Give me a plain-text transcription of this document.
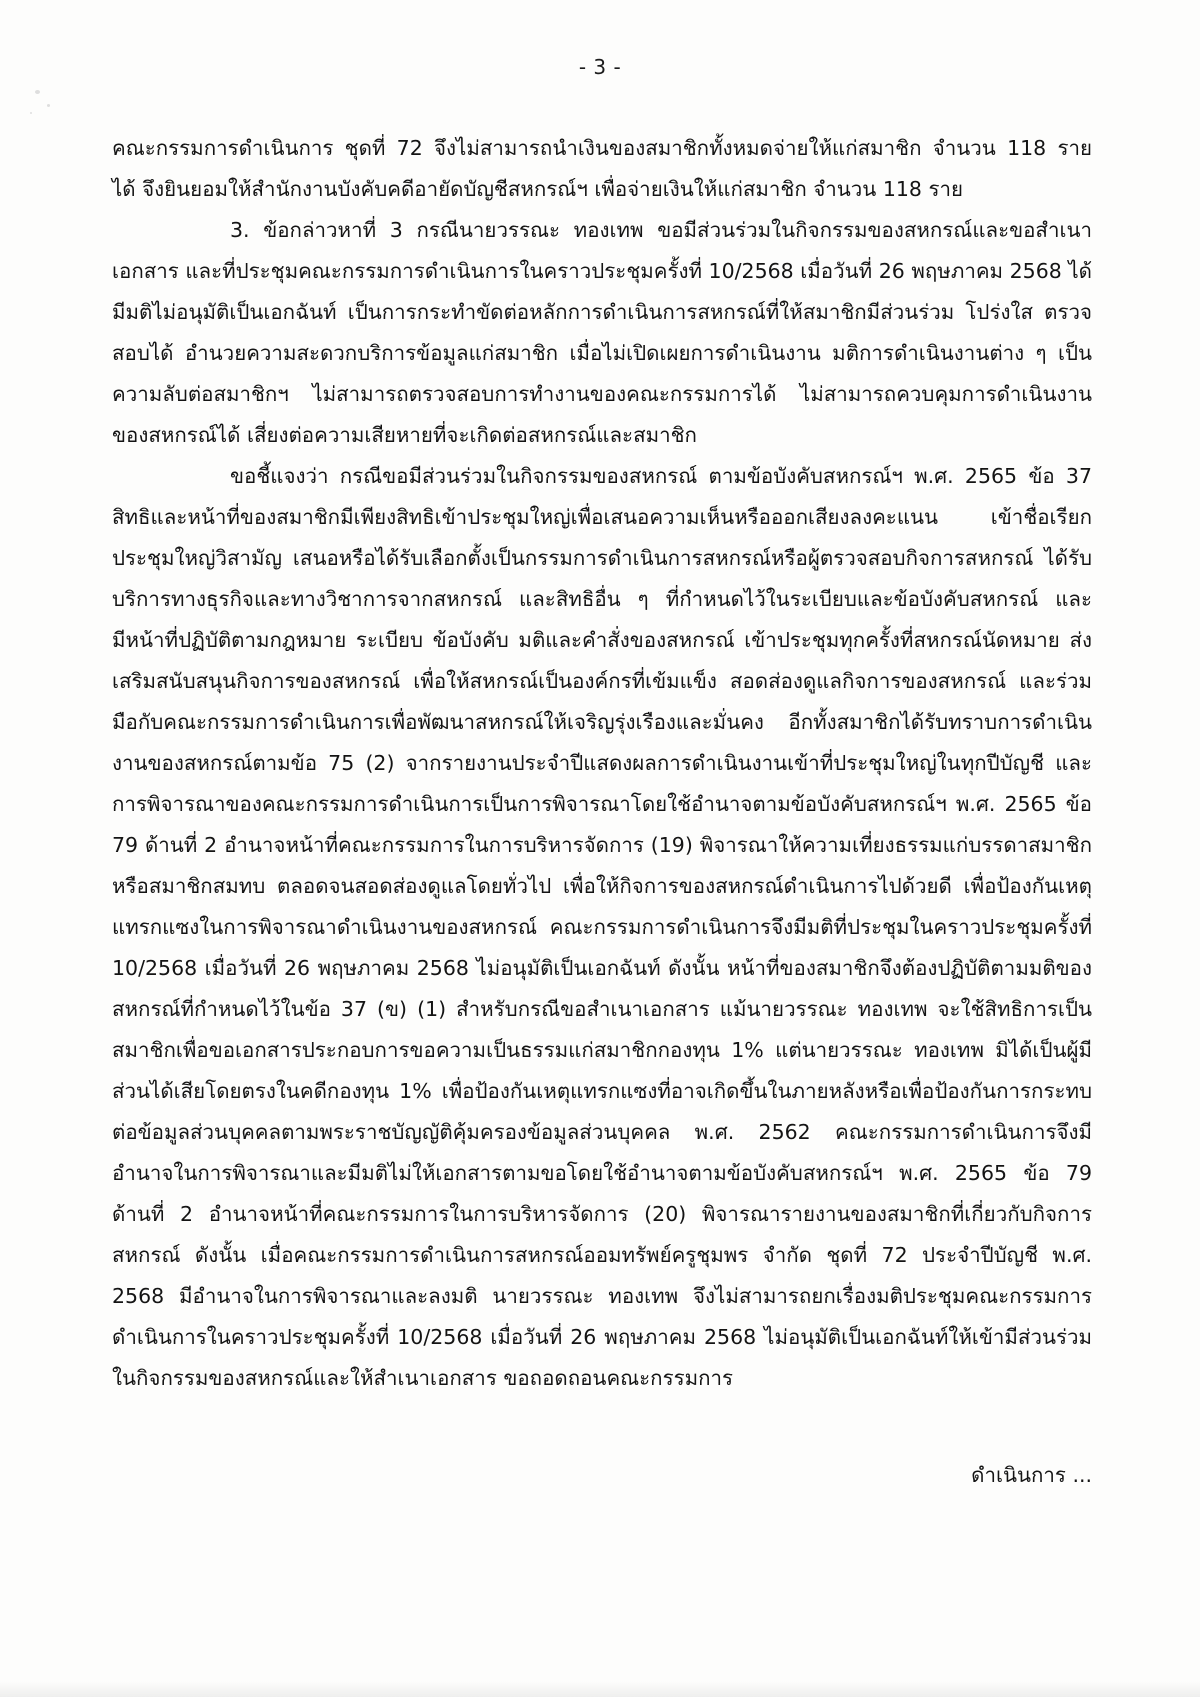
- 3 -

คณะกรรมการดำเนินการ ชุดที่ 72 จึงไม่สามารถนำเงินของสมาชิกทั้งหมดจ่ายให้แก่สมาชิก จำนวน 118 ราย ได้ จึงยินยอมให้สำนักงานบังคับคดีอายัดบัญชีสหกรณ์ฯ เพื่อจ่ายเงินให้แก่สมาชิก จำนวน 118 ราย

3. ข้อกล่าวหาที่ 3 กรณีนายวรรณะ ทองเทพ ขอมีส่วนร่วมในกิจกรรมของสหกรณ์และขอสำเนาเอกสาร และที่ประชุมคณะกรรมการดำเนินการในคราวประชุมครั้งที่ 10/2568 เมื่อวันที่ 26 พฤษภาคม 2568 ได้มีมติไม่อนุมัติเป็นเอกฉันท์ เป็นการกระทำขัดต่อหลักการดำเนินการสหกรณ์ที่ให้สมาชิกมีส่วนร่วม โปร่งใส ตรวจสอบได้ อำนวยความสะดวกบริการข้อมูลแก่สมาชิก เมื่อไม่เปิดเผยการดำเนินงาน มติการดำเนินงานต่าง ๆ เป็นความลับต่อสมาชิกฯ ไม่สามารถตรวจสอบการทำงานของคณะกรรมการได้ ไม่สามารถควบคุมการดำเนินงานของสหกรณ์ได้ เสี่ยงต่อความเสียหายที่จะเกิดต่อสหกรณ์และสมาชิก

ขอชี้แจงว่า กรณีขอมีส่วนร่วมในกิจกรรมของสหกรณ์ ตามข้อบังคับสหกรณ์ฯ พ.ศ. 2565 ข้อ 37 สิทธิและหน้าที่ของสมาชิกมีเพียงสิทธิเข้าประชุมใหญ่เพื่อเสนอความเห็นหรือออกเสียงลงคะแนน เข้าชื่อเรียกประชุมใหญ่วิสามัญ เสนอหรือได้รับเลือกตั้งเป็นกรรมการดำเนินการสหกรณ์หรือผู้ตรวจสอบกิจการสหกรณ์ ได้รับบริการทางธุรกิจและทางวิชาการจากสหกรณ์ และสิทธิอื่น ๆ ที่กำหนดไว้ในระเบียบและข้อบังคับสหกรณ์ และมีหน้าที่ปฏิบัติตามกฎหมาย ระเบียบ ข้อบังคับ มติและคำสั่งของสหกรณ์ เข้าประชุมทุกครั้งที่สหกรณ์นัดหมาย ส่งเสริมสนับสนุนกิจการของสหกรณ์ เพื่อให้สหกรณ์เป็นองค์กรที่เข้มแข็ง สอดส่องดูแลกิจการของสหกรณ์ และร่วมมือกับคณะกรรมการดำเนินการเพื่อพัฒนาสหกรณ์ให้เจริญรุ่งเรืองและมั่นคง อีกทั้งสมาชิกได้รับทราบการดำเนินงานของสหกรณ์ตามข้อ 75 (2) จากรายงานประจำปีแสดงผลการดำเนินงานเข้าที่ประชุมใหญ่ในทุกปีบัญชี และการพิจารณาของคณะกรรมการดำเนินการเป็นการพิจารณาโดยใช้อำนาจตามข้อบังคับสหกรณ์ฯ พ.ศ. 2565 ข้อ 79 ด้านที่ 2 อำนาจหน้าที่คณะกรรมการในการบริหารจัดการ (19) พิจารณาให้ความเที่ยงธรรมแก่บรรดาสมาชิก หรือสมาชิกสมทบ ตลอดจนสอดส่องดูแลโดยทั่วไป เพื่อให้กิจการของสหกรณ์ดำเนินการไปด้วยดี เพื่อป้องกันเหตุแทรกแซงในการพิจารณาดำเนินงานของสหกรณ์ คณะกรรมการดำเนินการจึงมีมติที่ประชุมในคราวประชุมครั้งที่ 10/2568 เมื่อวันที่ 26 พฤษภาคม 2568 ไม่อนุมัติเป็นเอกฉันท์ ดังนั้น หน้าที่ของสมาชิกจึงต้องปฏิบัติตามมติของสหกรณ์ที่กำหนดไว้ในข้อ 37 (ข) (1) สำหรับกรณีขอสำเนาเอกสาร แม้นายวรรณะ ทองเทพ จะใช้สิทธิการเป็นสมาชิกเพื่อขอเอกสารประกอบการขอความเป็นธรรมแก่สมาชิกกองทุน 1% แต่นายวรรณะ ทองเทพ มิได้เป็นผู้มีส่วนได้เสียโดยตรงในคดีกองทุน 1% เพื่อป้องกันเหตุแทรกแซงที่อาจเกิดขึ้นในภายหลังหรือเพื่อป้องกันการกระทบต่อข้อมูลส่วนบุคคลตามพระราชบัญญัติคุ้มครองข้อมูลส่วนบุคคล พ.ศ. 2562 คณะกรรมการดำเนินการจึงมีอำนาจในการพิจารณาและมีมติไม่ให้เอกสารตามขอโดยใช้อำนาจตามข้อบังคับสหกรณ์ฯ พ.ศ. 2565 ข้อ 79 ด้านที่ 2 อำนาจหน้าที่คณะกรรมการในการบริหารจัดการ (20) พิจารณารายงานของสมาชิกที่เกี่ยวกับกิจการสหกรณ์ ดังนั้น เมื่อคณะกรรมการดำเนินการสหกรณ์ออมทรัพย์ครูชุมพร จำกัด ชุดที่ 72 ประจำปีบัญชี พ.ศ. 2568 มีอำนาจในการพิจารณาและลงมติ นายวรรณะ ทองเทพ จึงไม่สามารถยกเรื่องมติประชุมคณะกรรมการดำเนินการในคราวประชุมครั้งที่ 10/2568 เมื่อวันที่ 26 พฤษภาคม 2568 ไม่อนุมัติเป็นเอกฉันท์ให้เข้ามีส่วนร่วมในกิจกรรมของสหกรณ์และให้สำเนาเอกสาร ขอถอดถอนคณะกรรมการ

ดำเนินการ ...
